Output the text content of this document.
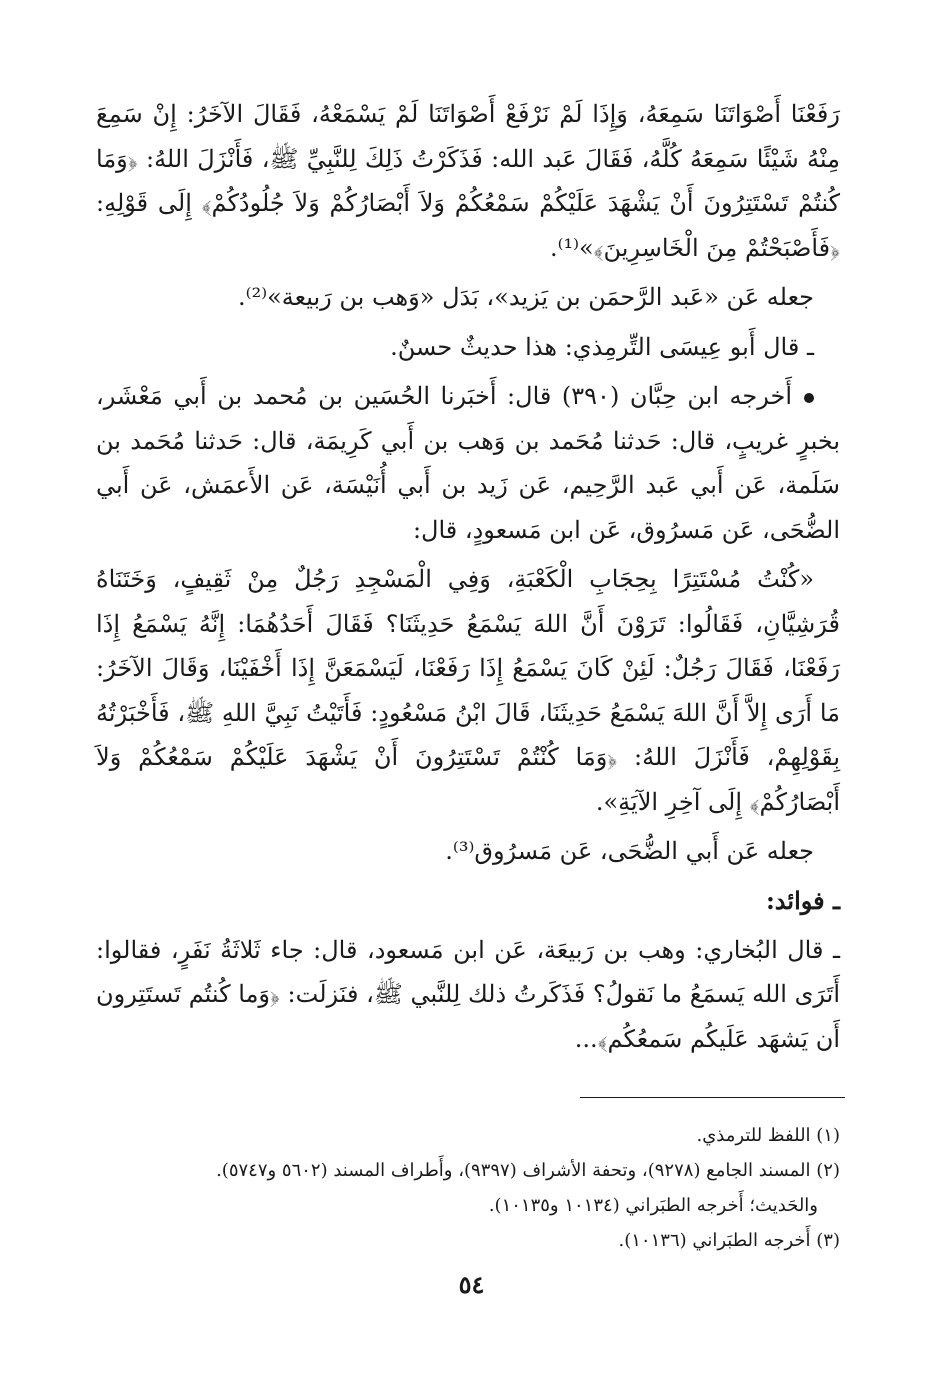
رَفَعْنَا أَصْوَاتَنَا سَمِعَهُ، وَإِذَا لَمْ نَرْفَعْ أَصْوَاتَنَا لَمْ يَسْمَعْهُ، فَقَالَ الآخَرُ: إِنْ سَمِعَ مِنْهُ شَيْئًا سَمِعَهُ كُلَّهُ، فَقَالَ عَبد الله: فَذَكَرْتُ ذَلِكَ لِلنَّبِيِّ ﷺ، فَأَنْزَلَ اللهُ: ﴿وَمَا كُنتُمْ تَسْتَتِرُونَ أَنْ يَشْهَدَ عَلَيْكُمْ سَمْعُكُمْ وَلاَ أَبْصَارُكُمْ وَلاَ جُلُودُكُمْ﴾ إِلَى قَوْلِهِ: ﴿فَأَصْبَحْتُمْ مِنَ الْخَاسِرِينَ﴾»⁽¹⁾.

جعله عَن «عَبد الرَّحمَن بن يَزيد»، بَدَل «وَهب بن رَبيعة»⁽²⁾.

ـ قال أَبو عِيسَى التِّرمِذي: هذا حديثٌ حسنٌ.

أَخرجه ابن حِبَّان (٣٩٠) قال: أَخبَرنا الحُسَين بن مُحمد بن أَبي مَعْشَر، بخبرٍ غريبٍ، قال: حَدثنا مُحَمد بن وَهب بن أَبي كَرِيمَة، قال: حَدثنا مُحَمد بن سَلَمة، عَن أَبي عَبد الرَّحِيم، عَن زَيد بن أَبي أُنَيْسَة، عَن الأَعمَش، عَن أَبي الضُّحَى، عَن مَسرُوق، عَن ابن مَسعودٍ، قال:

«كُنْتُ مُسْتَتِرًا بِحِجَابِ الْكَعْبَةِ، وَفِي الْمَسْجِدِ رَجُلٌ مِنْ ثَقِيفٍ، وَخَتَنَاهُ قُرَشِيَّانِ، فَقَالُوا: تَرَوْنَ أَنَّ اللهَ يَسْمَعُ حَدِيثَنَا؟ فَقَالَ أَحَدُهُمَا: إِنَّهُ يَسْمَعُ إِذَا رَفَعْنَا، فَقَالَ رَجُلٌ: لَئِنْ كَانَ يَسْمَعُ إِذَا رَفَعْنَا، لَيَسْمَعَنَّ إِذَا أَخْفَيْنَا، وَقَالَ الآخَرُ: مَا أَرَى إِلاَّ أَنَّ اللهَ يَسْمَعُ حَدِيثَنَا، قَالَ ابْنُ مَسْعُودٍ: فَأَتَيْتُ نَبِيَّ اللهِ ﷺ، فَأَخْبَرْتُهُ بِقَوْلِهِمْ، فَأَنْزَلَ اللهُ: ﴿وَمَا كُنْتُمْ تَسْتَتِرُونَ أَنْ يَشْهَدَ عَلَيْكُمْ سَمْعُكُمْ وَلاَ أَبْصَارُكُمْ﴾ إِلَى آخِرِ الآيَةِ».

جعله عَن أَبي الضُّحَى، عَن مَسرُوق⁽³⁾.

ـ فوائد:

ـ قال البُخاري: وهب بن رَبيعَة، عَن ابن مَسعود، قال: جاء ثَلاثَةُ نَفَرٍ، فقالوا: أَتَرَى الله يَسمَعُ ما نَقولُ؟ فَذَكَرتُ ذلك لِلنَّبي ﷺ، فنَزلَت: ﴿وَما كُنتُم تَستَتِرون أَن يَشهَد عَلَيكُم سَمعُكُم﴾...

(١) اللفظ للترمذي.

(٢) المسند الجامع (٩٢٧٨)، وتحفة الأشراف (٩٣٩٧)، وأَطراف المسند (٥٦٠٢ و٥٧٤٧).

والحَديث؛ أَخرجه الطبَراني (١٠١٣٤ و١٠١٣٥).

(٣) أَخرجه الطبَراني (١٠١٣٦).

٥٤
